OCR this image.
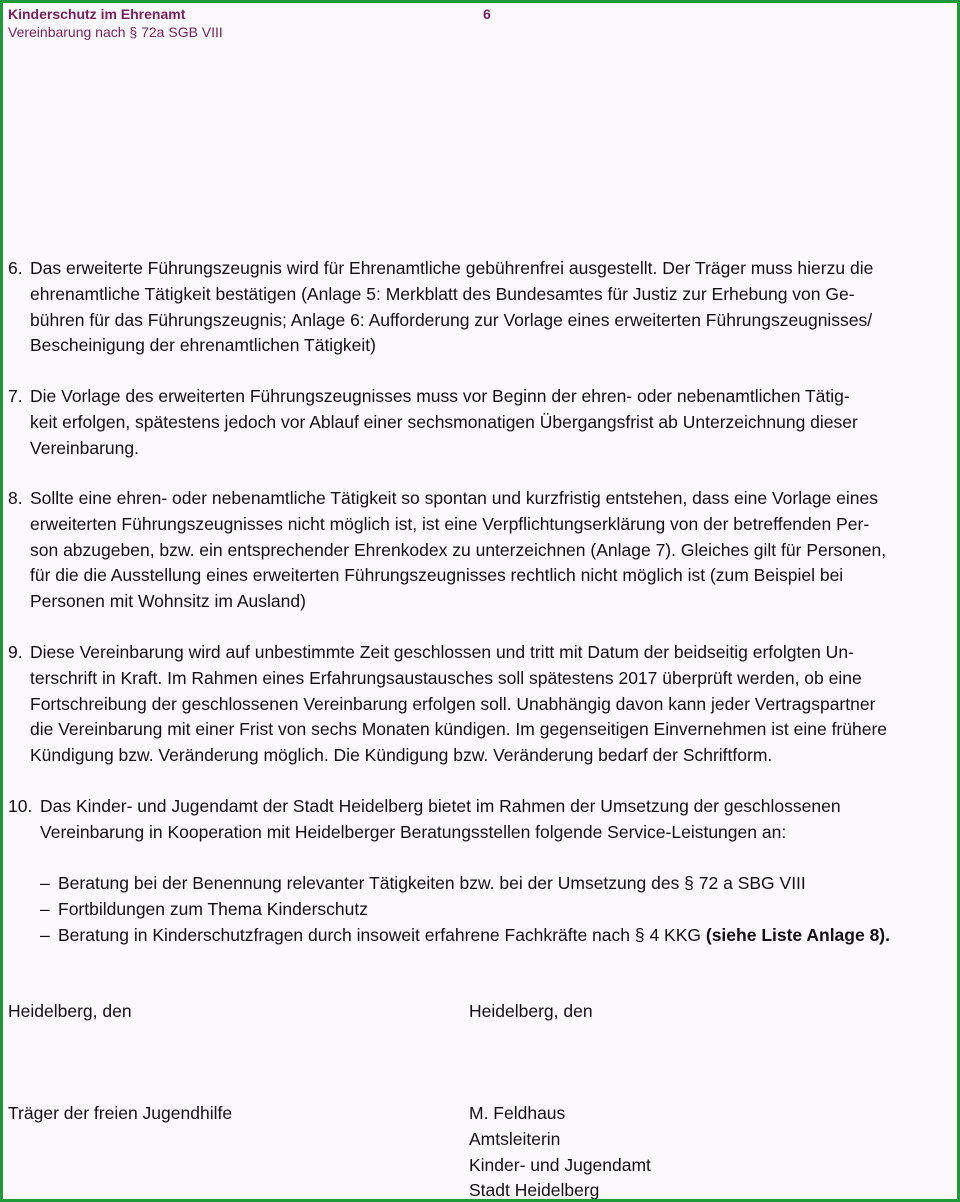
Kinderschutz im Ehrenamt	6
Vereinbarung nach § 72a SGB VIII
6. Das erweiterte Führungszeugnis wird für Ehrenamtliche gebührenfrei ausgestellt. Der Träger muss hierzu die
ehrenamtliche Tätigkeit bestätigen (Anlage 5: Merkblatt des Bundesamtes für Justiz zur Erhebung von Ge-
bühren für das Führungszeugnis; Anlage 6: Aufforderung zur Vorlage eines erweiterten Führungszeugnisses/
Bescheinigung der ehrenamtlichen Tätigkeit)
7. Die Vorlage des erweiterten Führungszeugnisses muss vor Beginn der ehren- oder nebenamtlichen Tätig-
keit erfolgen, spätestens jedoch vor Ablauf einer sechsmonatigen Übergangsfrist ab Unterzeichnung dieser
Vereinbarung.
8. Sollte eine ehren- oder nebenamtliche Tätigkeit so spontan und kurzfristig entstehen, dass eine Vorlage eines
erweiterten Führungszeugnisses nicht möglich ist, ist eine Verpflichtungserklärung von der betreffenden Per-
son abzugeben, bzw. ein entsprechender Ehrenkodex zu unterzeichnen (Anlage 7). Gleiches gilt für Personen,
für die die Ausstellung eines erweiterten Führungszeugnisses rechtlich nicht möglich ist (zum Beispiel bei
Personen mit Wohnsitz im Ausland)
9. Diese Vereinbarung wird auf unbestimmte Zeit geschlossen und tritt mit Datum der beidseitig erfolgten Un-
terschrift in Kraft. Im Rahmen eines Erfahrungsaustausches soll spätestens 2017 überprüft werden, ob eine
Fortschreibung der geschlossenen Vereinbarung erfolgen soll. Unabhängig davon kann jeder Vertragspartner
die Vereinbarung mit einer Frist von sechs Monaten kündigen. Im gegenseitigen Einvernehmen ist eine frühere
Kündigung bzw. Veränderung möglich. Die Kündigung bzw. Veränderung bedarf der Schriftform.
10. Das Kinder- und Jugendamt der Stadt Heidelberg bietet im Rahmen der Umsetzung der geschlossenen
Vereinbarung in Kooperation mit Heidelberger Beratungsstellen folgende Service-Leistungen an:
– Beratung bei der Benennung relevanter Tätigkeiten bzw. bei der Umsetzung des § 72 a SBG VIII
– Fortbildungen zum Thema Kinderschutz
– Beratung in Kinderschutzfragen durch insoweit erfahrene Fachkräfte nach § 4 KKG (siehe Liste Anlage 8).
Heidelberg, den	Heidelberg, den
Träger der freien Jugendhilfe	M. Feldhaus
Amtsleiterin
Kinder- und Jugendamt
Stadt Heidelberg
